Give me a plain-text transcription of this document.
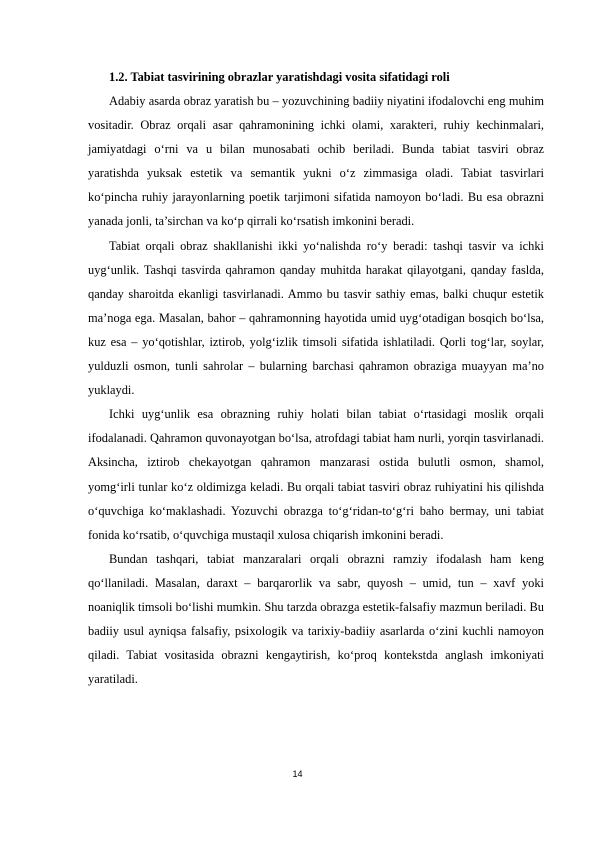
1.2. Tabiat tasvirining obrazlar yaratishdagi vosita sifatidagi roli

Adabiy asarda obraz yaratish bu – yozuvchining badiiy niyatini ifodalovchi eng muhim vositadir. Obraz orqali asar qahramonining ichki olami, xarakteri, ruhiy kechinmalari, jamiyatdagi o‘rni va u bilan munosabati ochib beriladi. Bunda tabiat tasviri obraz yaratishda yuksak estetik va semantik yukni o‘z zimmasiga oladi. Tabiat tasvirlari ko‘pincha ruhiy jarayonlarning poetik tarjimoni sifatida namoyon bo‘ladi. Bu esa obrazni yanada jonli, ta’sirchan va ko‘p qirrali ko‘rsatish imkonini beradi.

Tabiat orqali obraz shakllanishi ikki yo‘nalishda ro‘y beradi: tashqi tasvir va ichki uyg‘unlik. Tashqi tasvirda qahramon qanday muhitda harakat qilayotgani, qanday faslda, qanday sharoitda ekanligi tasvirlanadi. Ammo bu tasvir sathiy emas, balki chuqur estetik ma’noga ega. Masalan, bahor – qahramonning hayotida umid uyg‘otadigan bosqich bo‘lsa, kuz esa – yo‘qotishlar, iztirob, yolg‘izlik timsoli sifatida ishlatiladi. Qorli tog‘lar, soylar, yulduzli osmon, tunli sahrolar – bularning barchasi qahramon obraziga muayyan ma’no yuklaydi.

Ichki uyg‘unlik esa obrazning ruhiy holati bilan tabiat o‘rtasidagi moslik orqali ifodalanadi. Qahramon quvonayotgan bo‘lsa, atrofdagi tabiat ham nurli, yorqin tasvirlanadi. Aksincha, iztirob chekayotgan qahramon manzarasi ostida bulutli osmon, shamol, yomg‘irli tunlar ko‘z oldimizga keladi. Bu orqali tabiat tasviri obraz ruhiyatini his qilishda o‘quvchiga ko‘maklashadi. Yozuvchi obrazga to‘g‘ridan-to‘g‘ri baho bermay, uni tabiat fonida ko‘rsatib, o‘quvchiga mustaqil xulosa chiqarish imkonini beradi.

Bundan tashqari, tabiat manzaralari orqali obrazni ramziy ifodalash ham keng qo‘llaniladi. Masalan, daraxt – barqarorlik va sabr, quyosh – umid, tun – xavf yoki noaniqlik timsoli bo‘lishi mumkin. Shu tarzda obrazga estetik-falsafiy mazmun beriladi. Bu badiiy usul ayniqsa falsafiy, psixologik va tarixiy-badiiy asarlarda o‘zini kuchli namoyon qiladi. Tabiat vositasida obrazni kengaytirish, ko‘proq kontekstda anglash imkoniyati yaratiladi.

14
